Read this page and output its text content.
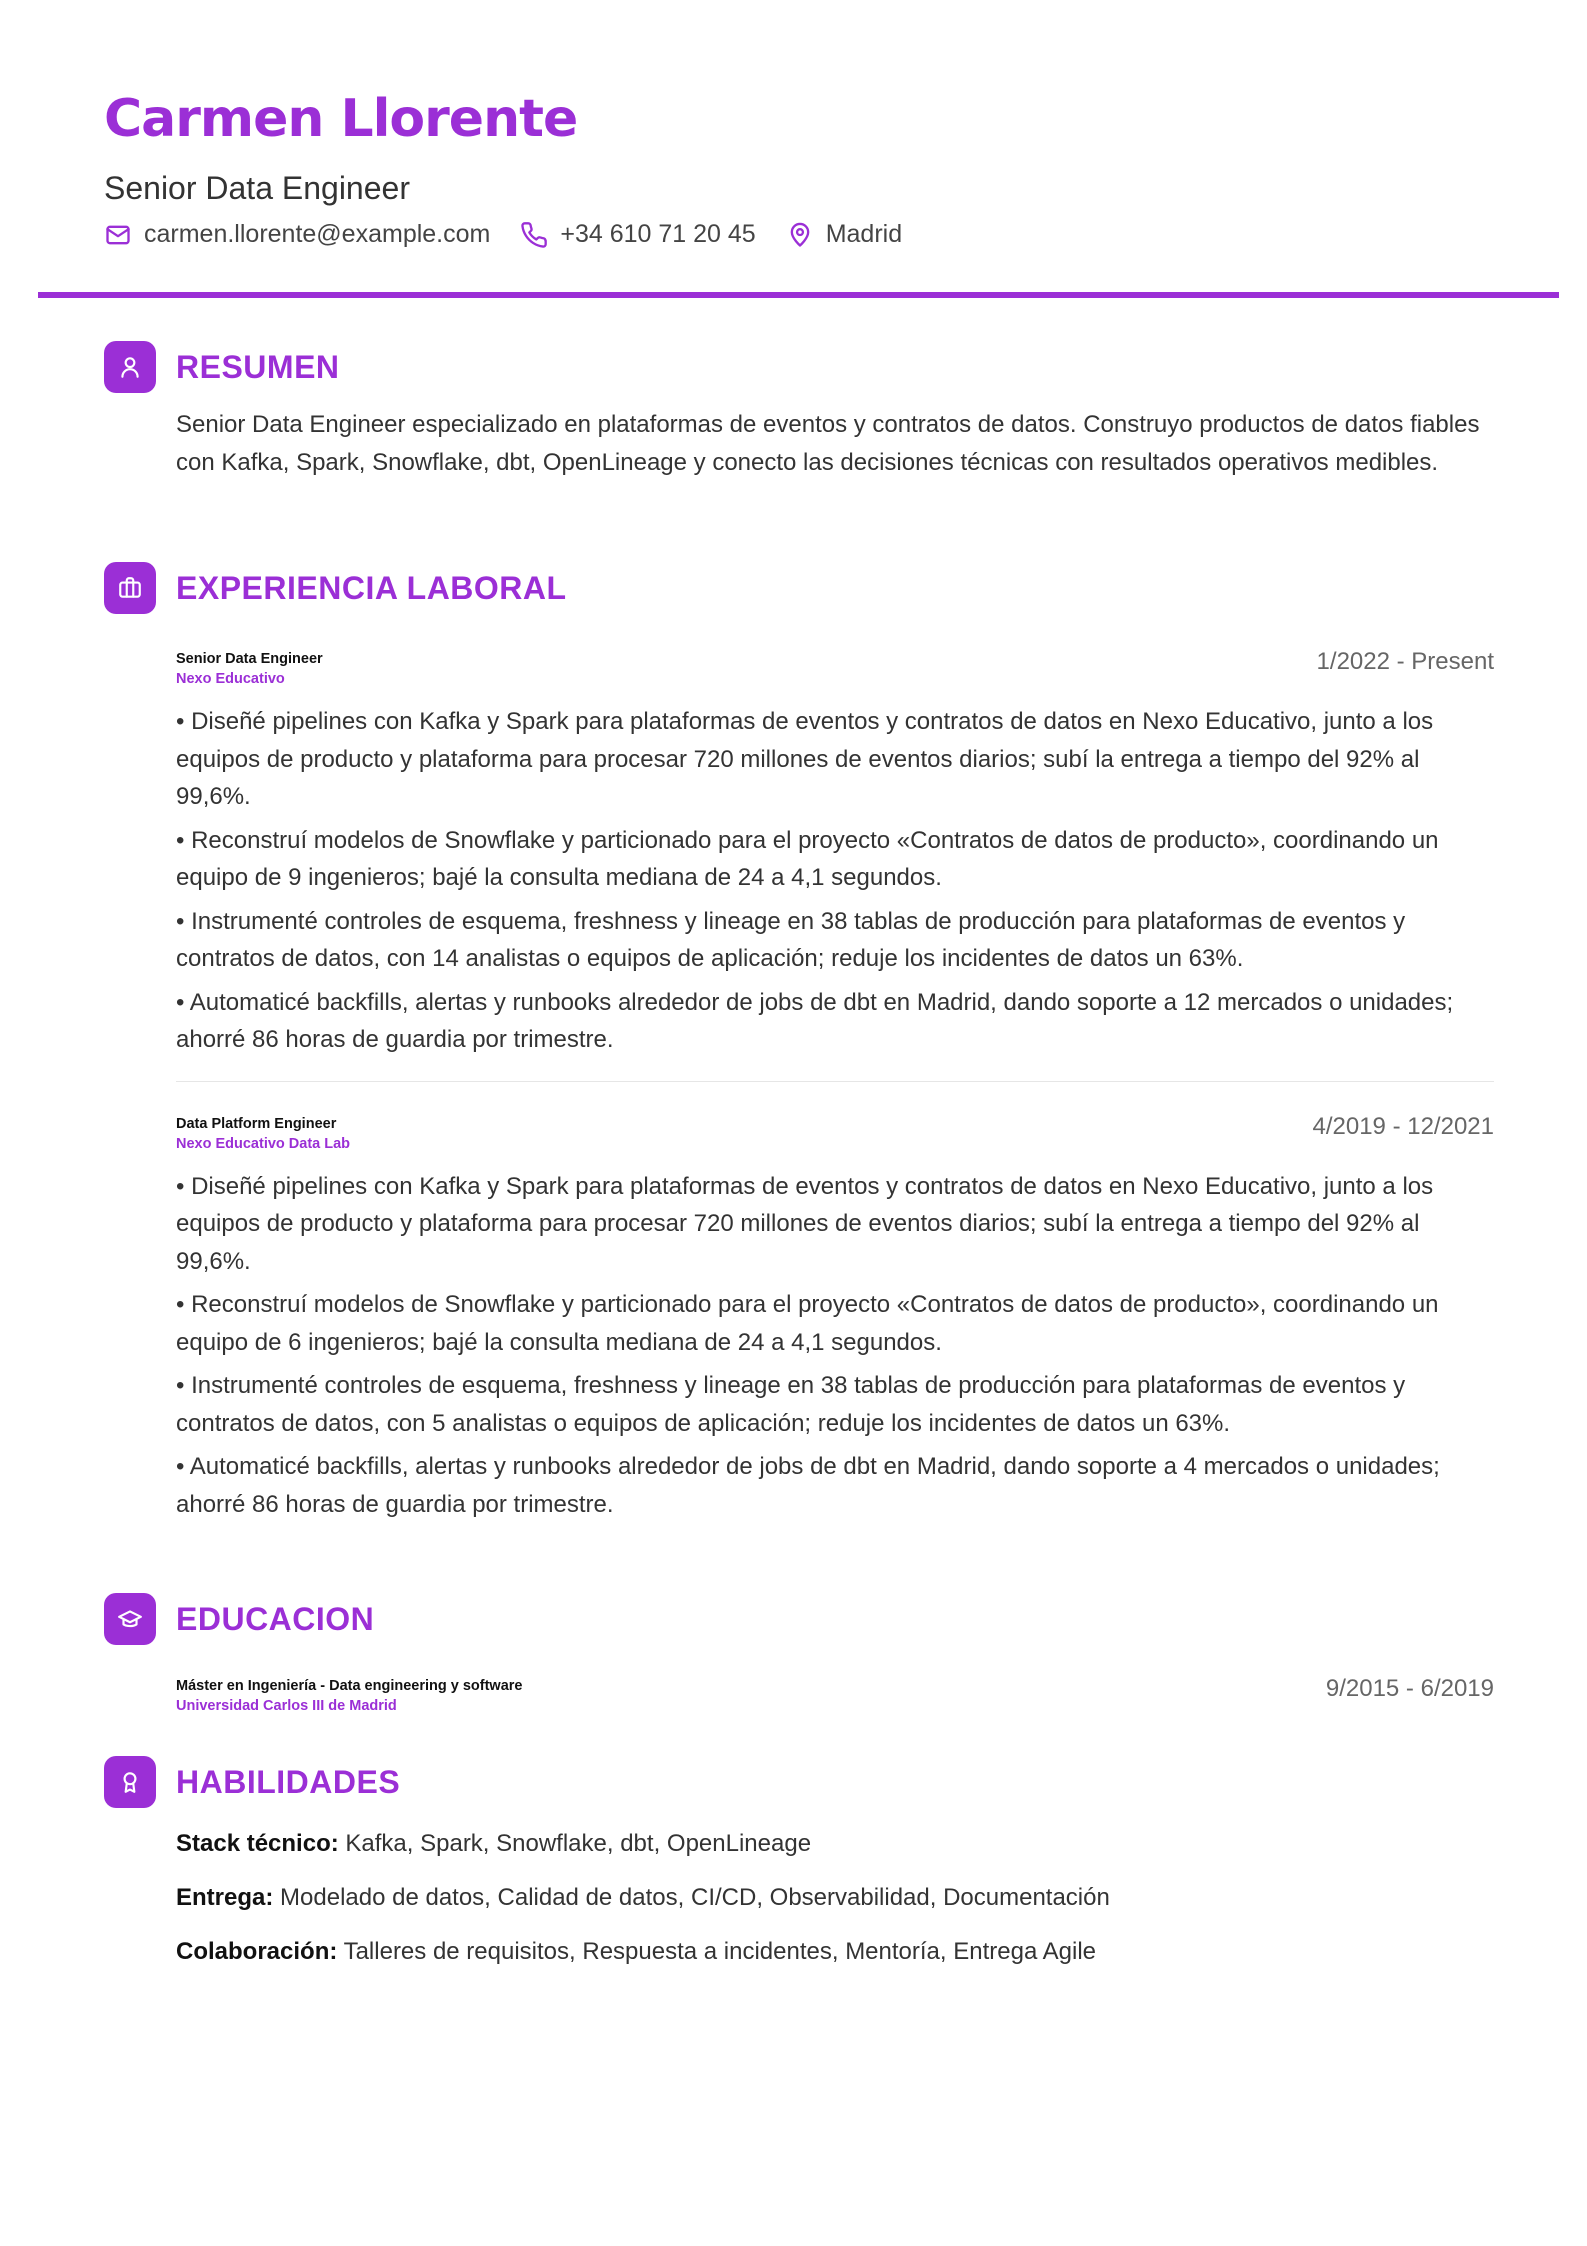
Carmen Llorente
Senior Data Engineer
carmen.llorente@example.com	+34 610 71 20 45	Madrid
RESUMEN
Senior Data Engineer especializado en plataformas de eventos y contratos de datos. Construyo productos de datos fiables con Kafka, Spark, Snowflake, dbt, OpenLineage y conecto las decisiones técnicas con resultados operativos medibles.
EXPERIENCIA LABORAL
Senior Data Engineer
Nexo Educativo
1/2022 - Present
• Diseñé pipelines con Kafka y Spark para plataformas de eventos y contratos de datos en Nexo Educativo, junto a los equipos de producto y plataforma para procesar 720 millones de eventos diarios; subí la entrega a tiempo del 92% al 99,6%.
• Reconstruí modelos de Snowflake y particionado para el proyecto «Contratos de datos de producto», coordinando un equipo de 9 ingenieros; bajé la consulta mediana de 24 a 4,1 segundos.
• Instrumenté controles de esquema, freshness y lineage en 38 tablas de producción para plataformas de eventos y contratos de datos, con 14 analistas o equipos de aplicación; reduje los incidentes de datos un 63%.
• Automaticé backfills, alertas y runbooks alrededor de jobs de dbt en Madrid, dando soporte a 12 mercados o unidades; ahorré 86 horas de guardia por trimestre.
Data Platform Engineer
Nexo Educativo Data Lab
4/2019 - 12/2021
• Diseñé pipelines con Kafka y Spark para plataformas de eventos y contratos de datos en Nexo Educativo, junto a los equipos de producto y plataforma para procesar 720 millones de eventos diarios; subí la entrega a tiempo del 92% al 99,6%.
• Reconstruí modelos de Snowflake y particionado para el proyecto «Contratos de datos de producto», coordinando un equipo de 6 ingenieros; bajé la consulta mediana de 24 a 4,1 segundos.
• Instrumenté controles de esquema, freshness y lineage en 38 tablas de producción para plataformas de eventos y contratos de datos, con 5 analistas o equipos de aplicación; reduje los incidentes de datos un 63%.
• Automaticé backfills, alertas y runbooks alrededor de jobs de dbt en Madrid, dando soporte a 4 mercados o unidades; ahorré 86 horas de guardia por trimestre.
EDUCACION
Máster en Ingeniería - Data engineering y software
Universidad Carlos III de Madrid
9/2015 - 6/2019
HABILIDADES
Stack técnico: Kafka, Spark, Snowflake, dbt, OpenLineage
Entrega: Modelado de datos, Calidad de datos, CI/CD, Observabilidad, Documentación
Colaboración: Talleres de requisitos, Respuesta a incidentes, Mentoría, Entrega Agile
